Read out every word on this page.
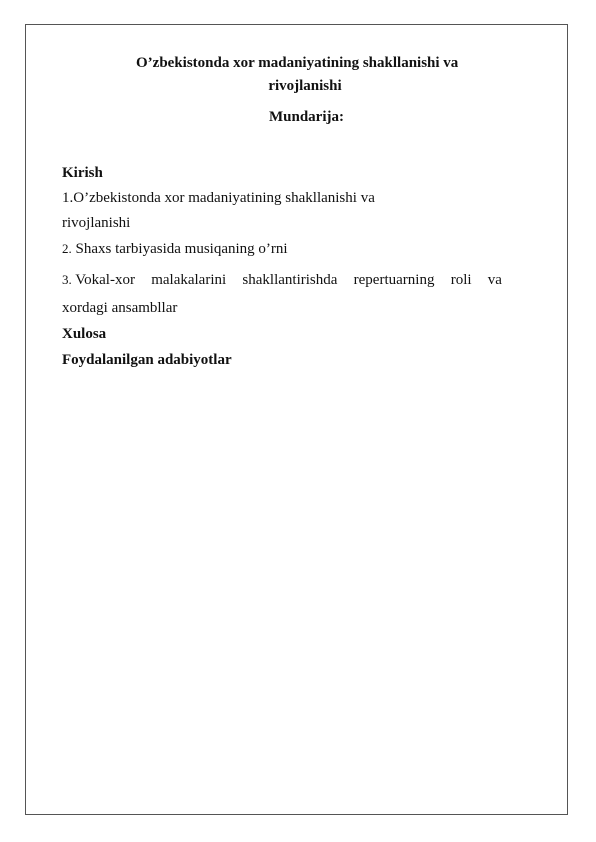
O’zbekistonda xor madaniyatining shakllanishi va
rivojlanishi
Mundarija:
Kirish
1.O’zbekistonda xor madaniyatining shakllanishi va
rivojlanishi
2. Shaxs tarbiyasida musiqaning o’rni
3. Vokal-xor malakalarini shakllantirishda repertuarning roli va
xordagi ansambllar
Xulosa
Foydalanilgan adabiyotlar
